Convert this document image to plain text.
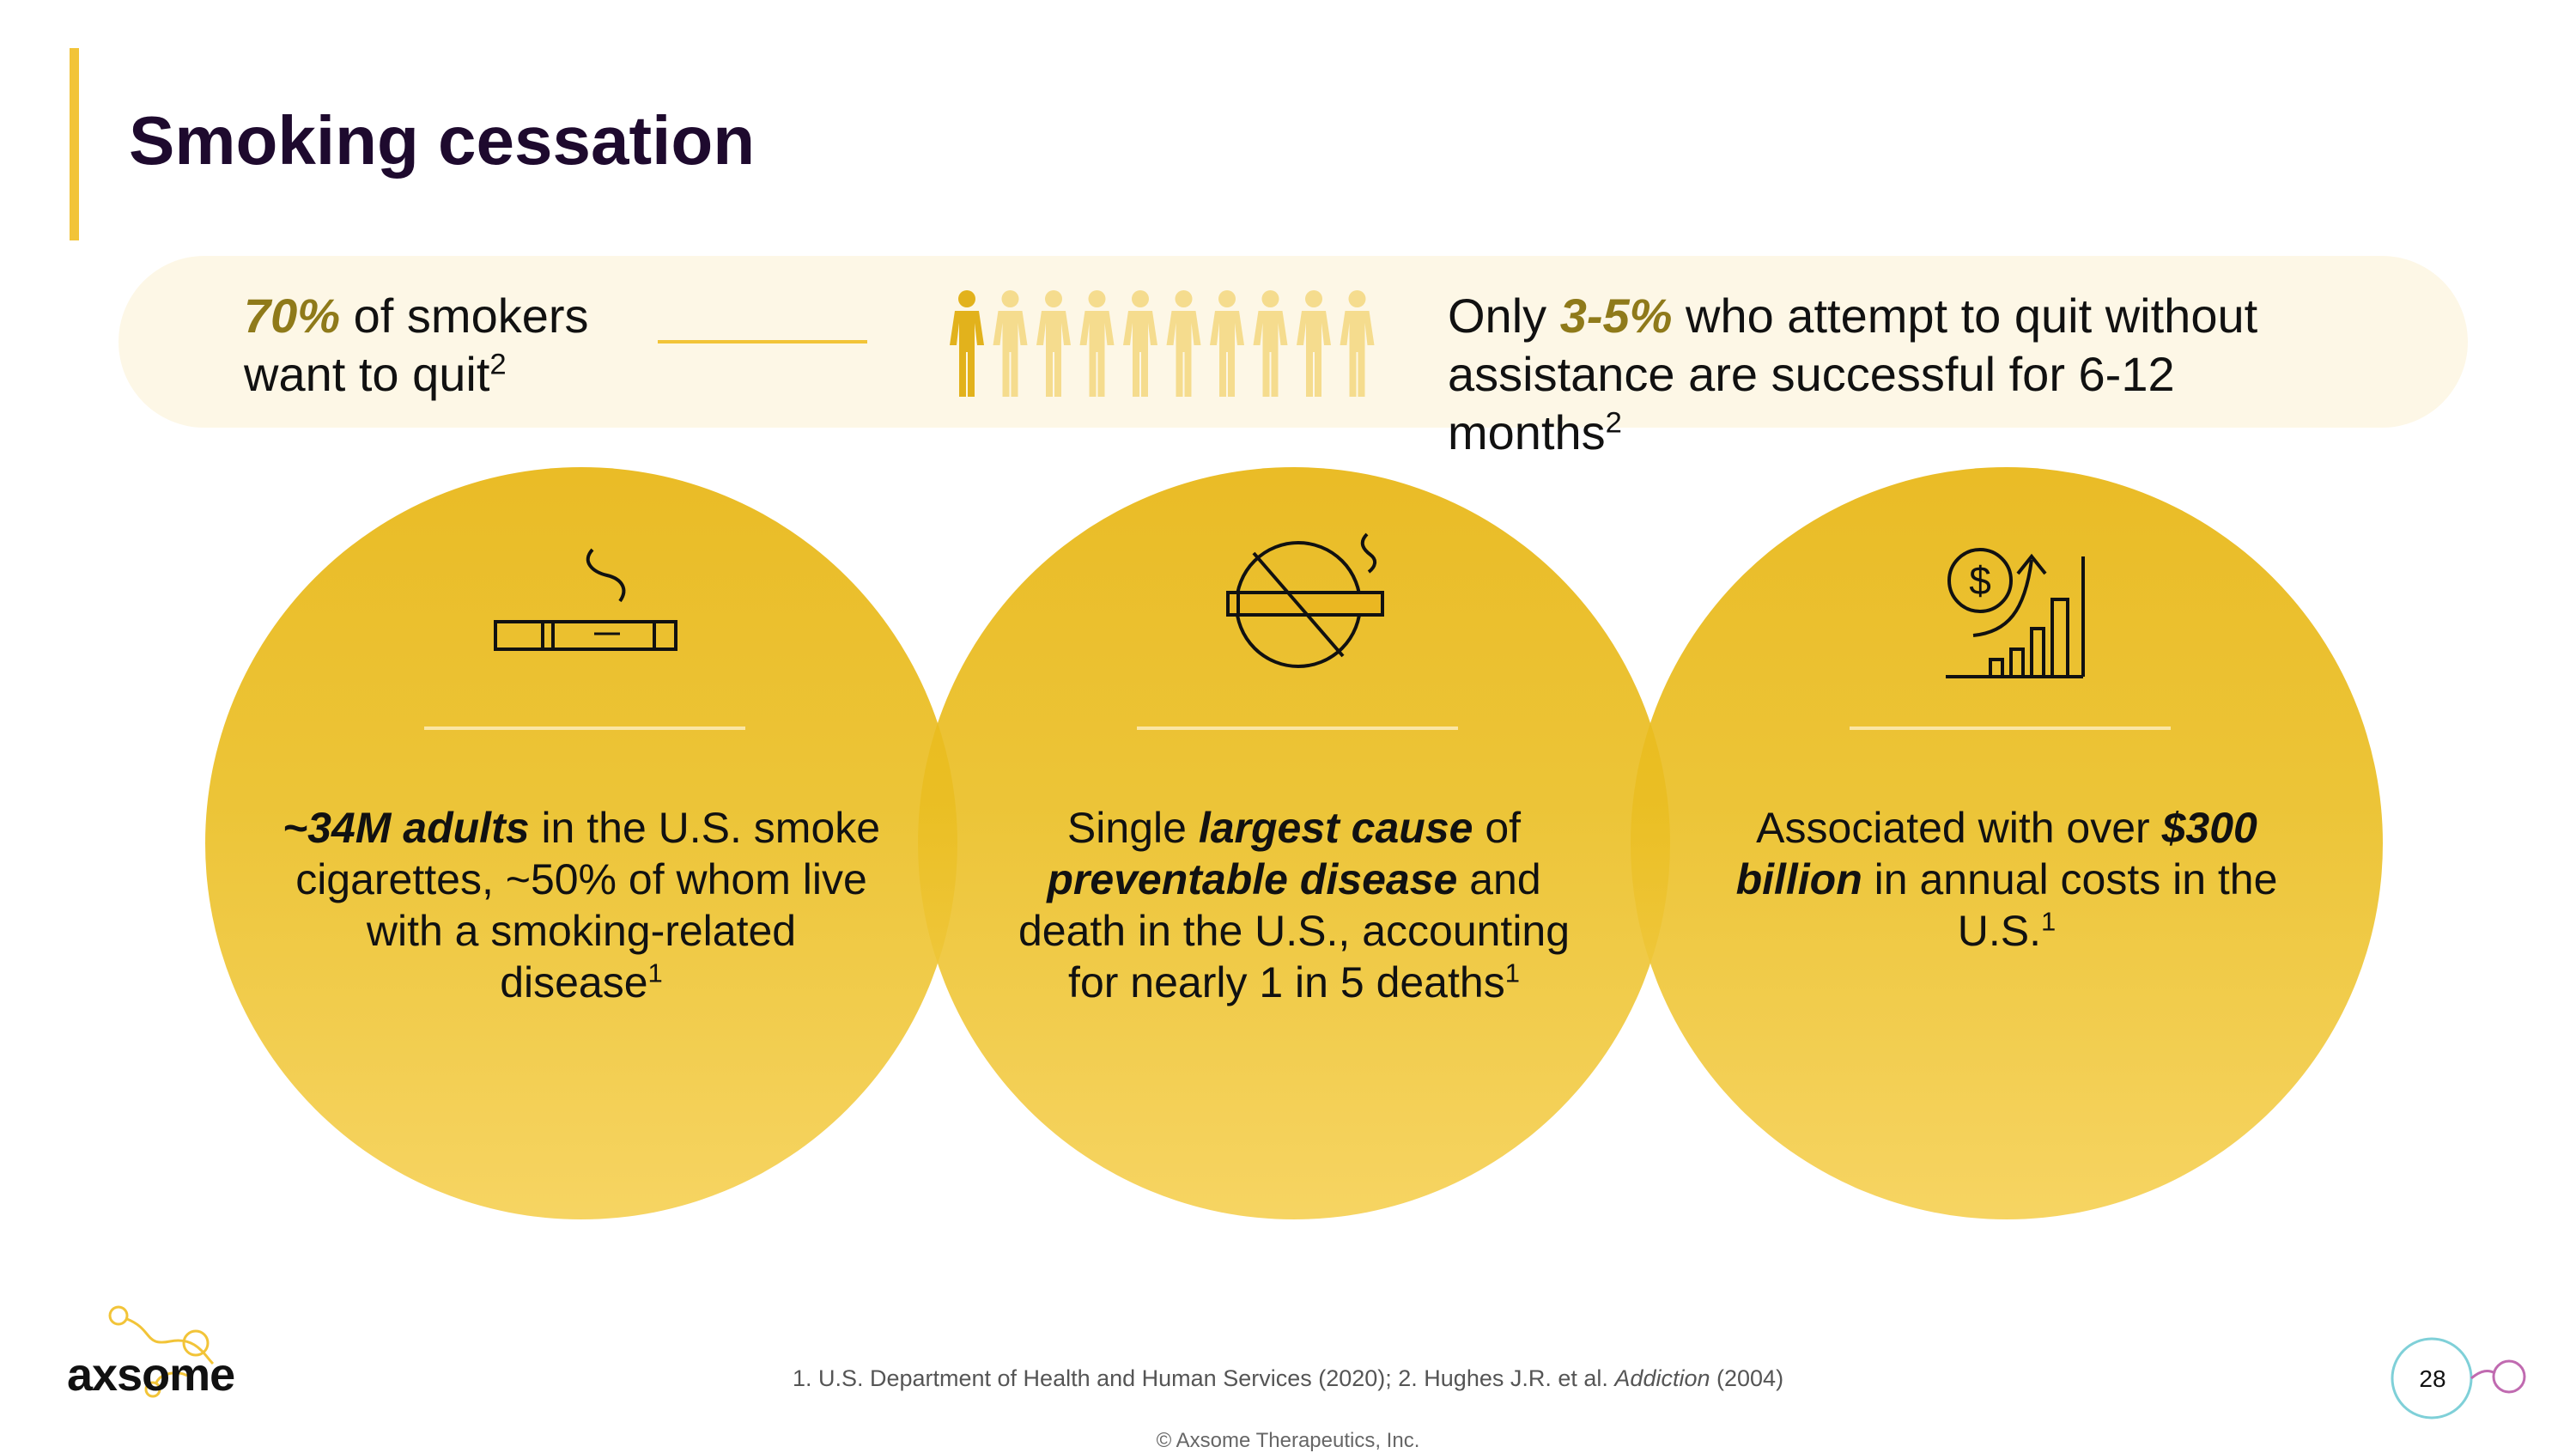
Smoking cessation
70% of smokers want to quit$^2$
Only 3-5% who attempt to quit without assistance are successful for 6-12 months$^2$
$
~34M adults in the U.S. smoke cigarettes, ~50% of whom live with a smoking-related disease$^1$
Single largest cause of preventable disease and death in the U.S., accounting for nearly 1 in 5 deaths$^1$
Associated with over $300 billion in annual costs in the U.S.$^1$
axsome	1. U.S. Department of Health and Human Services (2020); 2. Hughes J.R. et al. Addiction (2004)
© Axsome Therapeutics, Inc.
28
